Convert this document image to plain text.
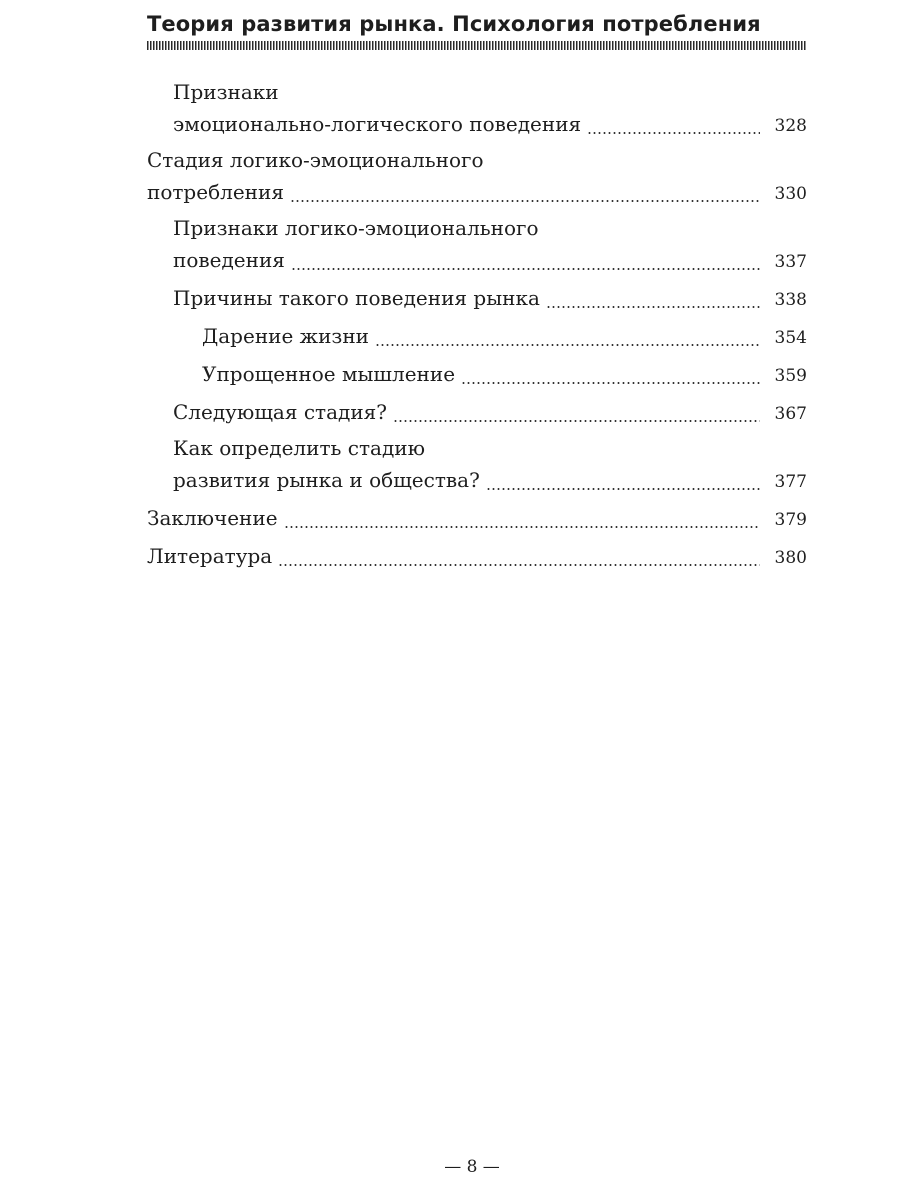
Теория развития рынка. Психология потребления
Признаки
эмоционально-логического поведения	328
Стадия логико-эмоционального
потребления	330
Признаки логико-эмоционального
поведения	337
Причины такого поведения рынка	338
Дарение жизни	354
Упрощенное мышление	359
Следующая стадия?	367
Как определить стадию
развития рынка и общества?	377
Заключение	379
Литература	380
— 8 —
